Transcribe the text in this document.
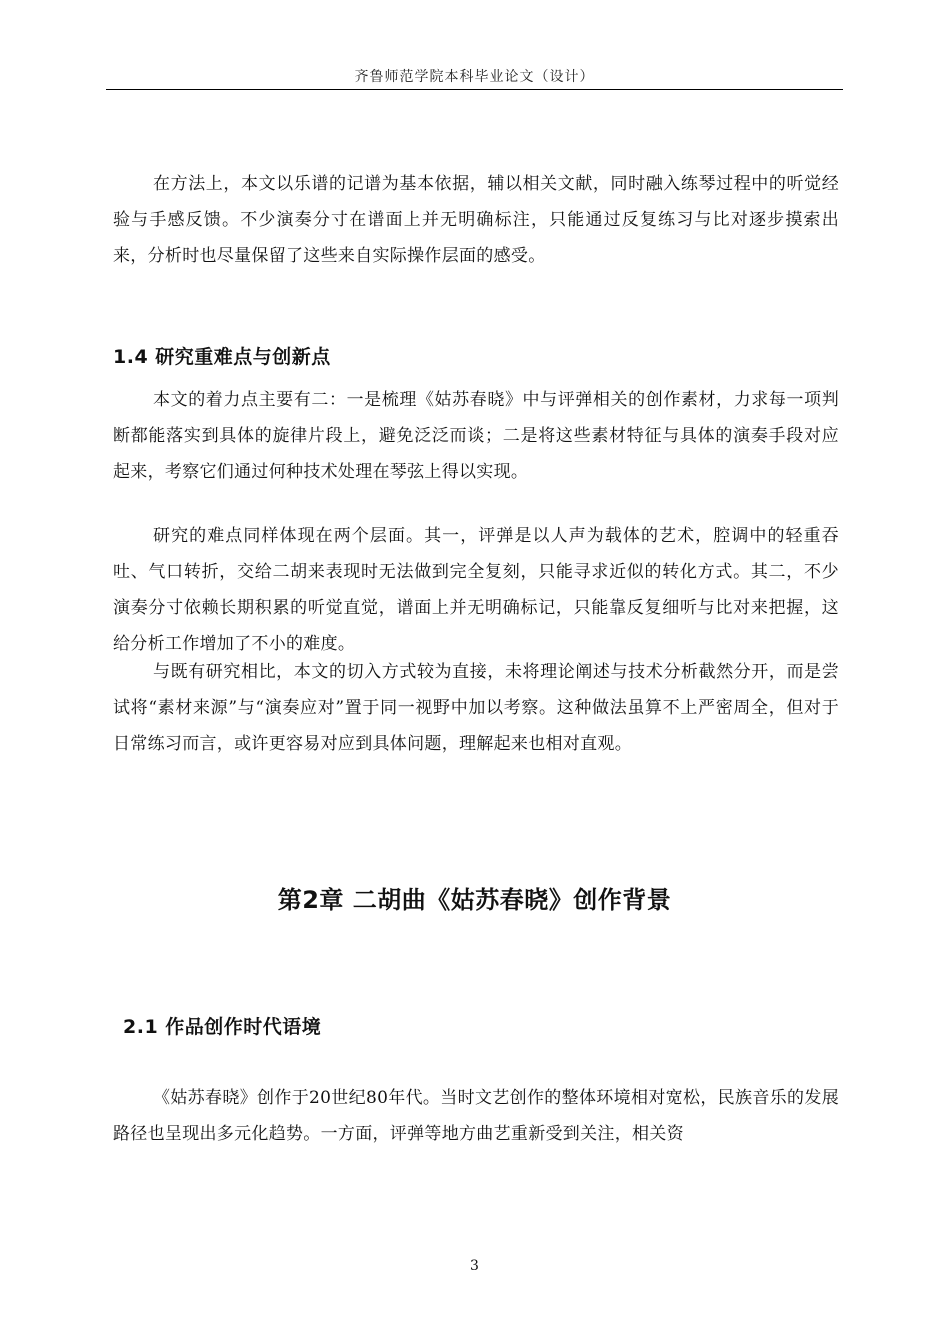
齐鲁师范学院本科毕业论文（设计）

在方法上，本文以乐谱的记谱为基本依据，辅以相关文献，同时融入练琴过程中的听觉经验与手感反馈。不少演奏分寸在谱面上并无明确标注，只能通过反复练习与比对逐步摸索出来，分析时也尽量保留了这些来自实际操作层面的感受。

1.4 研究重难点与创新点

本文的着力点主要有二：一是梳理《姑苏春晓》中与评弹相关的创作素材，力求每一项判断都能落实到具体的旋律片段上，避免泛泛而谈；二是将这些素材特征与具体的演奏手段对应起来，考察它们通过何种技术处理在琴弦上得以实现。

研究的难点同样体现在两个层面。其一，评弹是以人声为载体的艺术，腔调中的轻重吞吐、气口转折，交给二胡来表现时无法做到完全复刻，只能寻求近似的转化方式。其二，不少演奏分寸依赖长期积累的听觉直觉，谱面上并无明确标记，只能靠反复细听与比对来把握，这给分析工作增加了不小的难度。

与既有研究相比，本文的切入方式较为直接，未将理论阐述与技术分析截然分开，而是尝试将“素材来源”与“演奏应对”置于同一视野中加以考察。这种做法虽算不上严密周全，但对于日常练习而言，或许更容易对应到具体问题，理解起来也相对直观。

第2章 二胡曲《姑苏春晓》创作背景
2.1 作品创作时代语境

《姑苏春晓》创作于20世纪80年代。当时文艺创作的整体环境相对宽松，民族音乐的发展路径也呈现出多元化趋势。一方面，评弹等地方曲艺重新受到关注，相关资

3
